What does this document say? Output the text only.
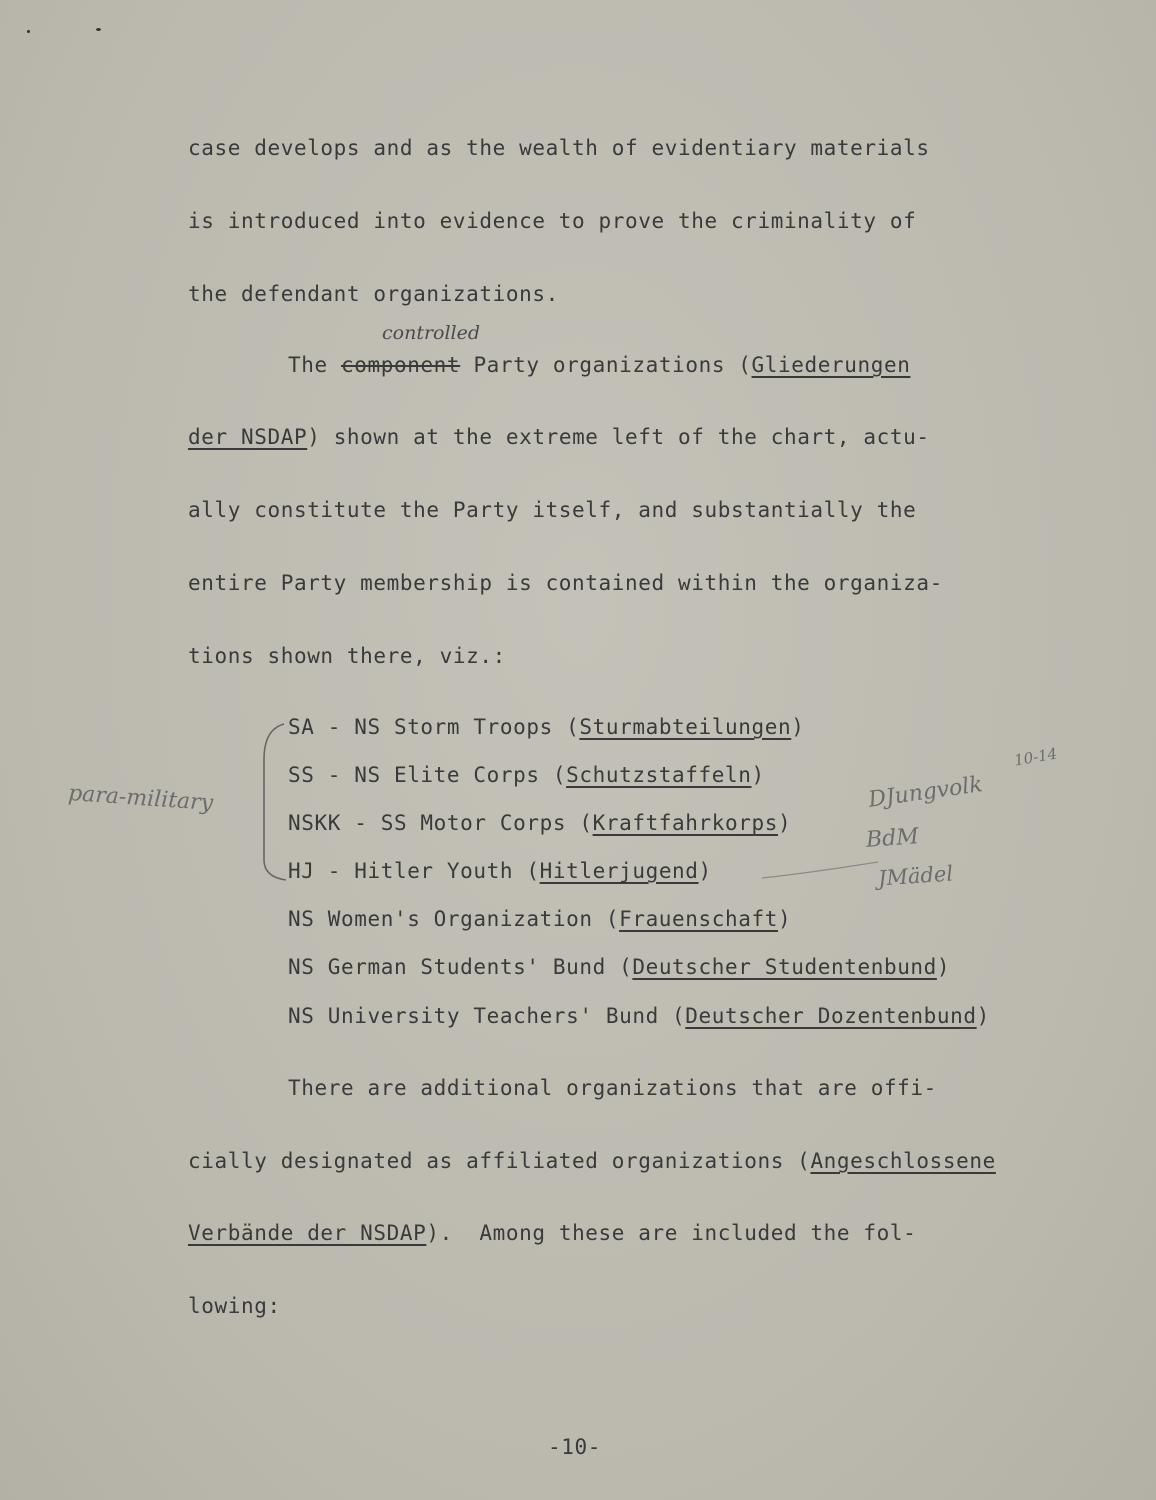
case develops and as the wealth of evidentiary materials
is introduced into evidence to prove the criminality of
the defendant organizations.
controlled
The component Party organizations (Gliederungen
der NSDAP) shown at the extreme left of the chart, actu-
ally constitute the Party itself, and substantially the
entire Party membership is contained within the organiza-
tions shown there, viz.:
SA - NS Storm Troops (Sturmabteilungen)
SS - NS Elite Corps (Schutzstaffeln)
NSKK - SS Motor Corps (Kraftfahrkorps)
HJ - Hitler Youth (Hitlerjugend)
NS Women's Organization (Frauenschaft)
NS German Students' Bund (Deutscher Studentenbund)
NS University Teachers' Bund (Deutscher Dozentenbund)
para-military	DJungvolk
BdM
JMädel
10-14
There are additional organizations that are offi-
cially designated as affiliated organizations (Angeschlossene
Verbände der NSDAP).  Among these are included the fol-
lowing:
-10-
